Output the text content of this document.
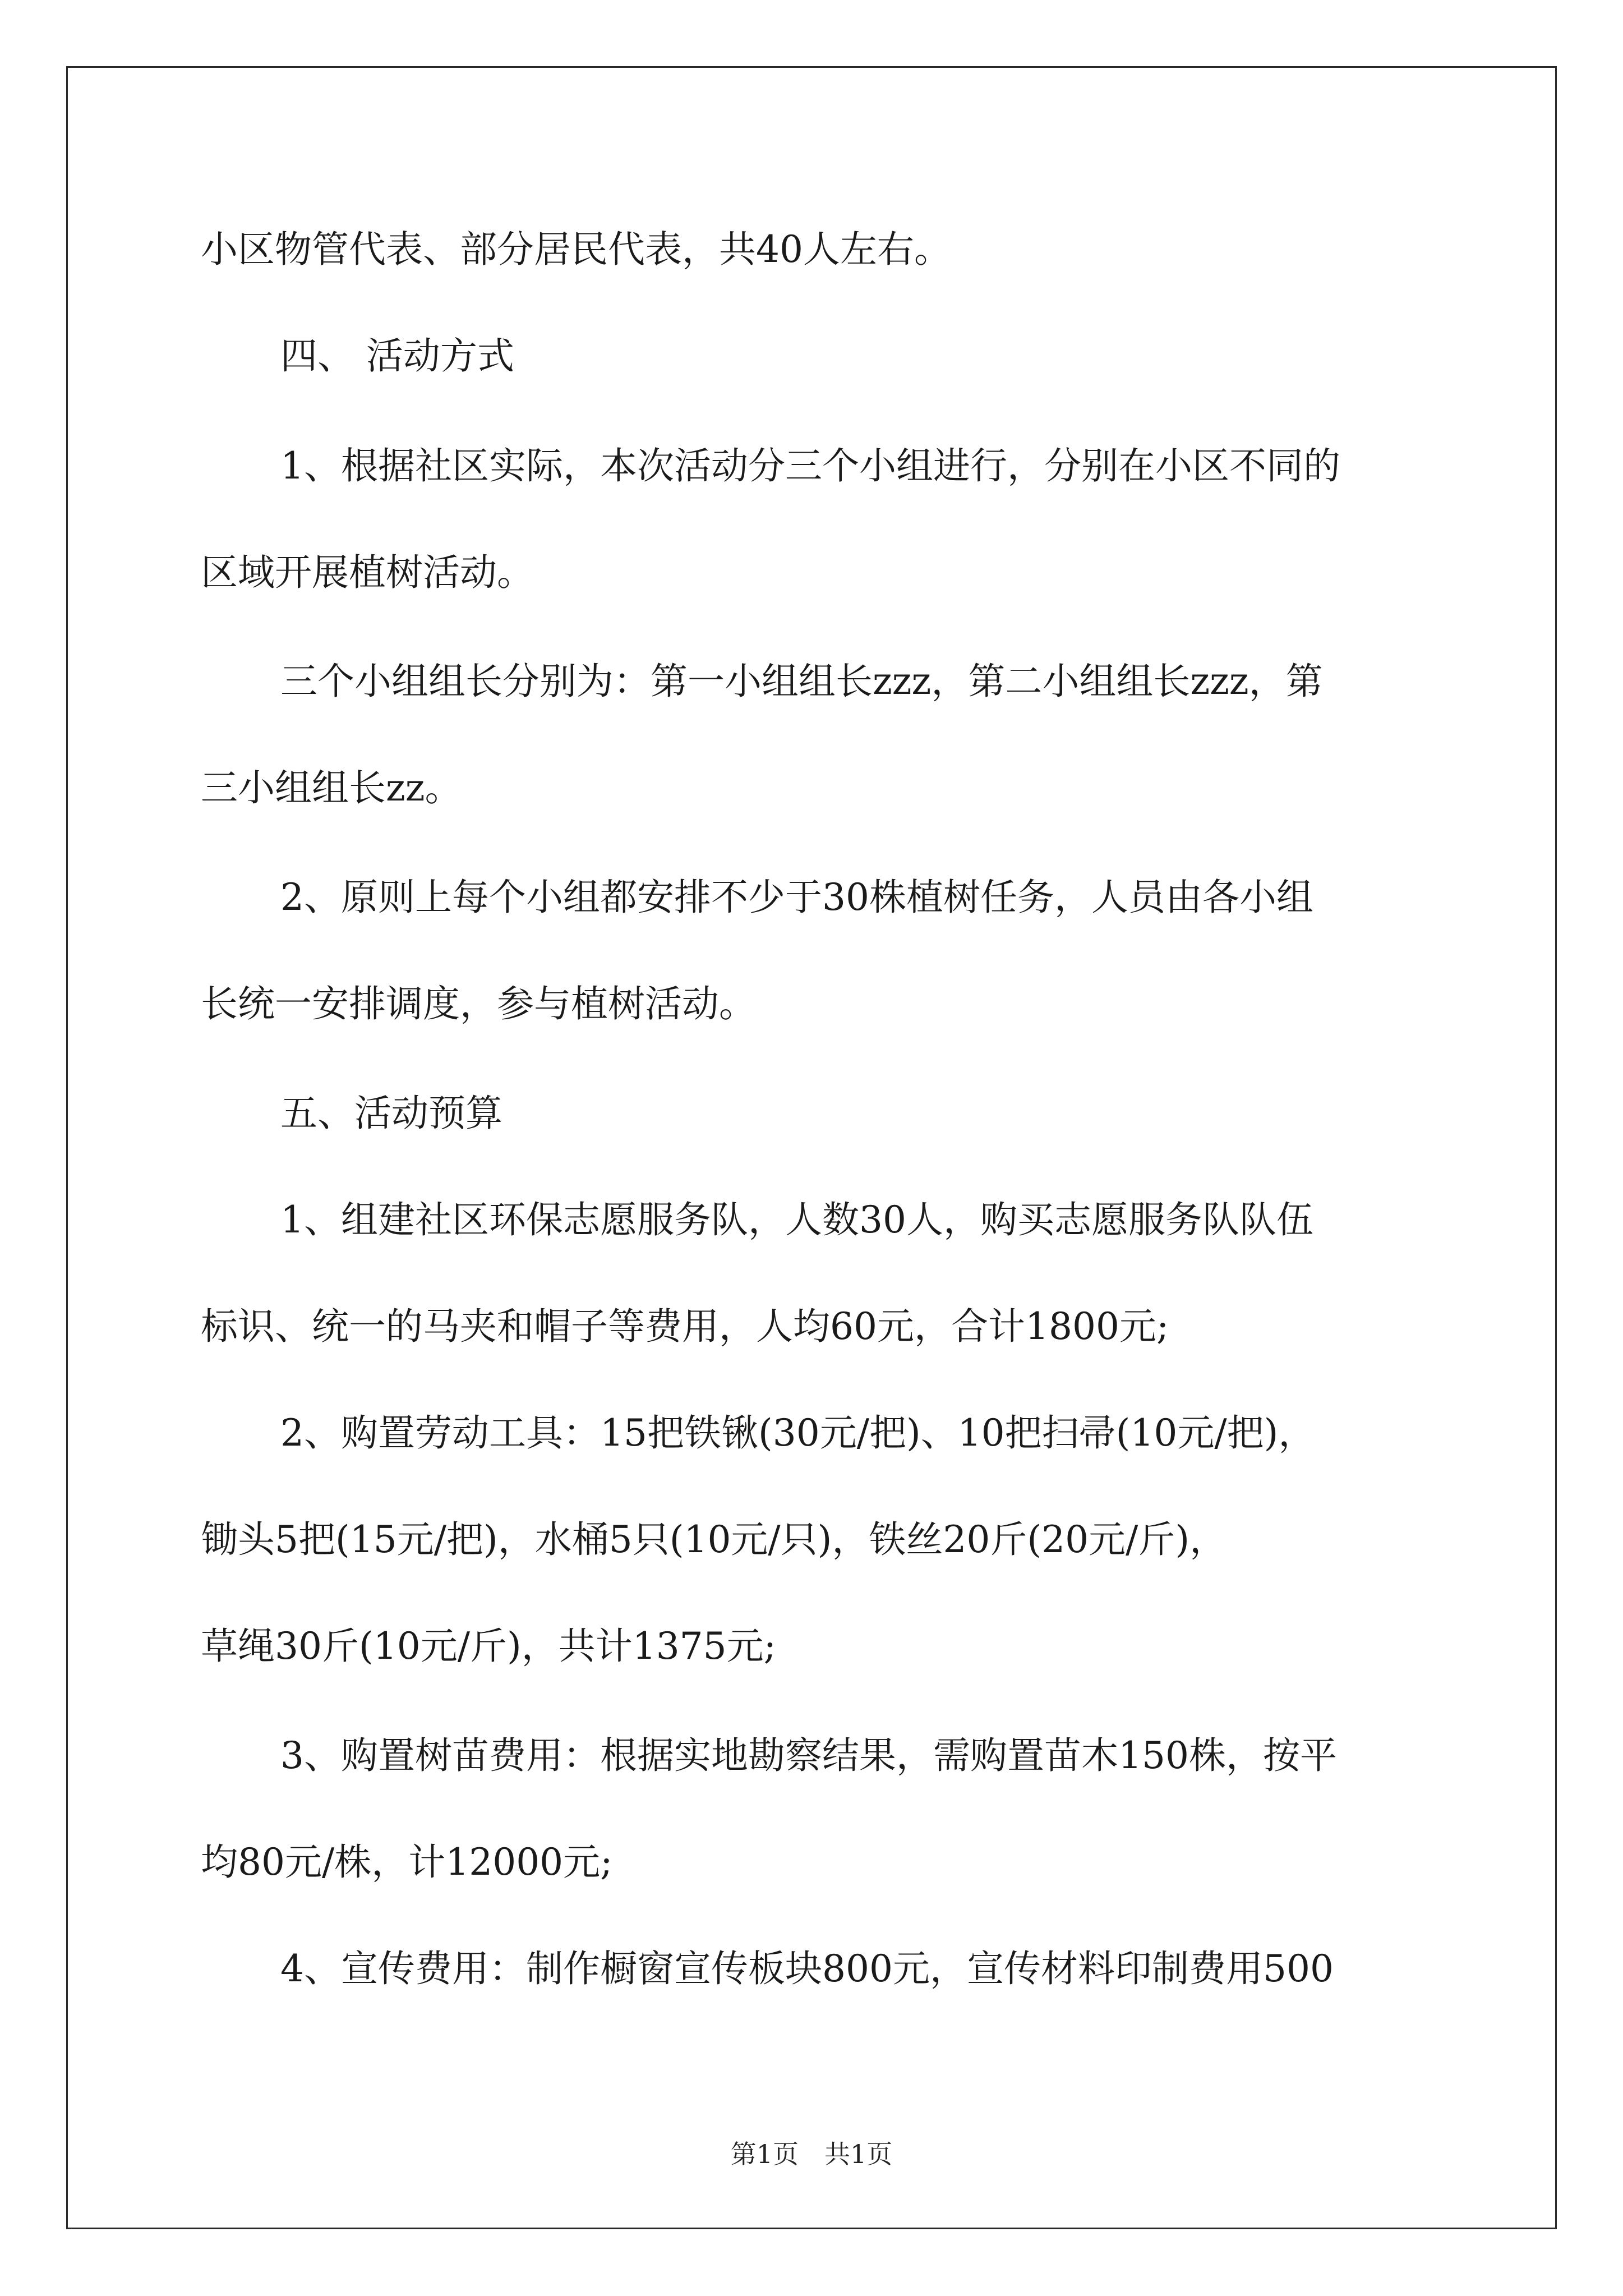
小区物管代表、部分居民代表，共40人左右。
四、 活动方式
1、根据社区实际，本次活动分三个小组进行，分别在小区不同的
区域开展植树活动。
三个小组组长分别为：第一小组组长zzz，第二小组组长zzz，第
三小组组长zz。
2、原则上每个小组都安排不少于30株植树任务，人员由各小组
长统一安排调度，参与植树活动。
五、活动预算
1、组建社区环保志愿服务队，人数30人，购买志愿服务队队伍
标识、统一的马夹和帽子等费用，人均60元，合计1800元;
2、购置劳动工具：15把铁锹(30元/把)、10把扫帚(10元/把)，
锄头5把(15元/把)，水桶5只(10元/只)，铁丝20斤(20元/斤)，
草绳30斤(10元/斤)，共计1375元;
3、购置树苗费用：根据实地勘察结果，需购置苗木150株，按平
均80元/株，计12000元;
4、宣传费用：制作橱窗宣传板块800元，宣传材料印制费用500
第1页　共1页
